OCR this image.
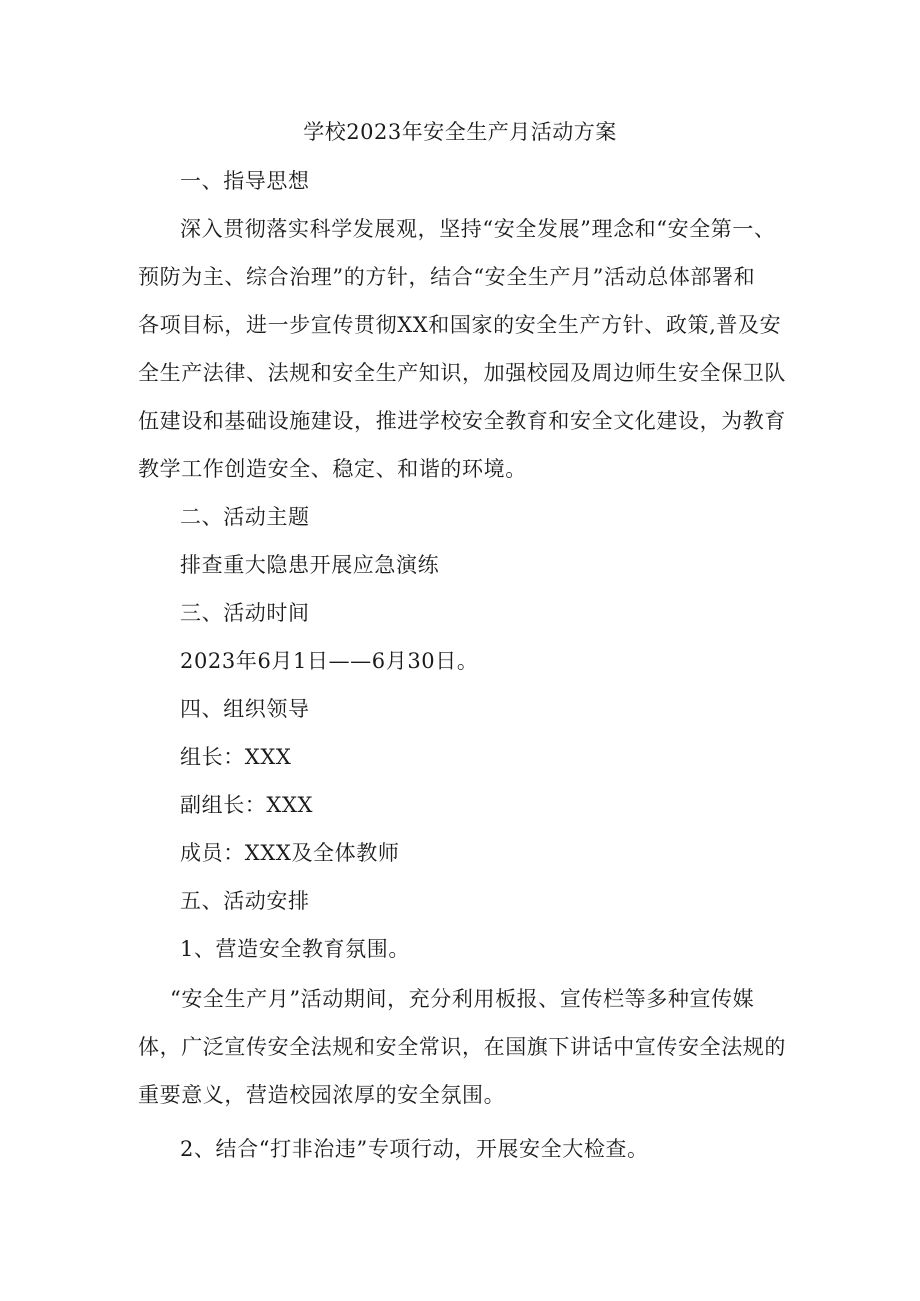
学校2023年安全生产月活动方案
一、指导思想
深入贯彻落实科学发展观，坚持“安全发展”理念和“安全第一、
预防为主、综合治理”的方针，结合“安全生产月”活动总体部署和
各项目标，进一步宣传贯彻XX和国家的安全生产方针、政策,普及安
全生产法律、法规和安全生产知识，加强校园及周边师生安全保卫队
伍建设和基础设施建设，推进学校安全教育和安全文化建设，为教育
教学工作创造安全、稳定、和谐的环境。
二、活动主题
排查重大隐患开展应急演练
三、活动时间
2023年6月1日——6月30日。
四、组织领导
组长：XXX
副组长：XXX
成员：XXX及全体教师
五、活动安排
1、营造安全教育氛围。
“安全生产月”活动期间，充分利用板报、宣传栏等多种宣传媒
体，广泛宣传安全法规和安全常识，在国旗下讲话中宣传安全法规的
重要意义，营造校园浓厚的安全氛围。
2、结合“打非治违”专项行动，开展安全大检查。
